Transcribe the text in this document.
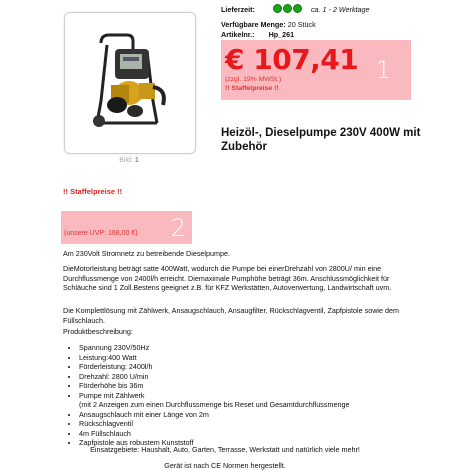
Bild: 1
Lieferzeit:	ca. 1 - 2 Werktage
Verfügbare Menge: 20 Stück
Artikelnr.: Hp_261
€ 107,41
(zzgl. 19% MWSt.)
!! Staffelpreise !!
1
Heizöl-, Dieselpumpe 230V 400W mit Zubehör
!! Staffelpreise !!
(unsere UVP: 168,00 €) 2
Am 230Volt Stromnetz zu betreibende Dieselpumpe.
DieMotorleistung beträgt satte 400Watt, wodurch die Pumpe bei einerDrehzahl von 2800U/ min eine Durchflussmenge von 2400l/h erreicht. Diemaximale Pumphöhe beträgt 36m. Anschlussmöglichkeit für Schläuche sind 1 Zoll.Bestens geeignet z.B. für KFZ Werkstätten, Autoverwertung, Landwirtschaft uvm.
Die Komplettlösung mit Zählwerk, Ansaugschlauch, Ansaugfilter, Rückschlagventil, Zapfpistole sowie dem Füllschlauch.
Produktbeschreibung:
• Spannung 230V/50Hz
• Leistung:400 Watt
• Förderleistung: 2400l/h
• Drehzahl: 2800 U/min
• Förderhöhe bis 36m
• Pumpe mit Zählwerk
(mit 2 Anzeigen zum einen Durchflussmenge bis Reset und Gesamtdurchflussmenge
• Ansaugschlauch mit einer Länge von 2m
• Rückschlagventil
• 4m Füllschlauch
• Zapfpistole aus robustem Kunststoff
Einsatzgebiete: Haushalt, Auto, Garten, Terrasse, Werkstatt und natürlich viele mehr!
Gerät ist nach CE Normen hergestellt.
